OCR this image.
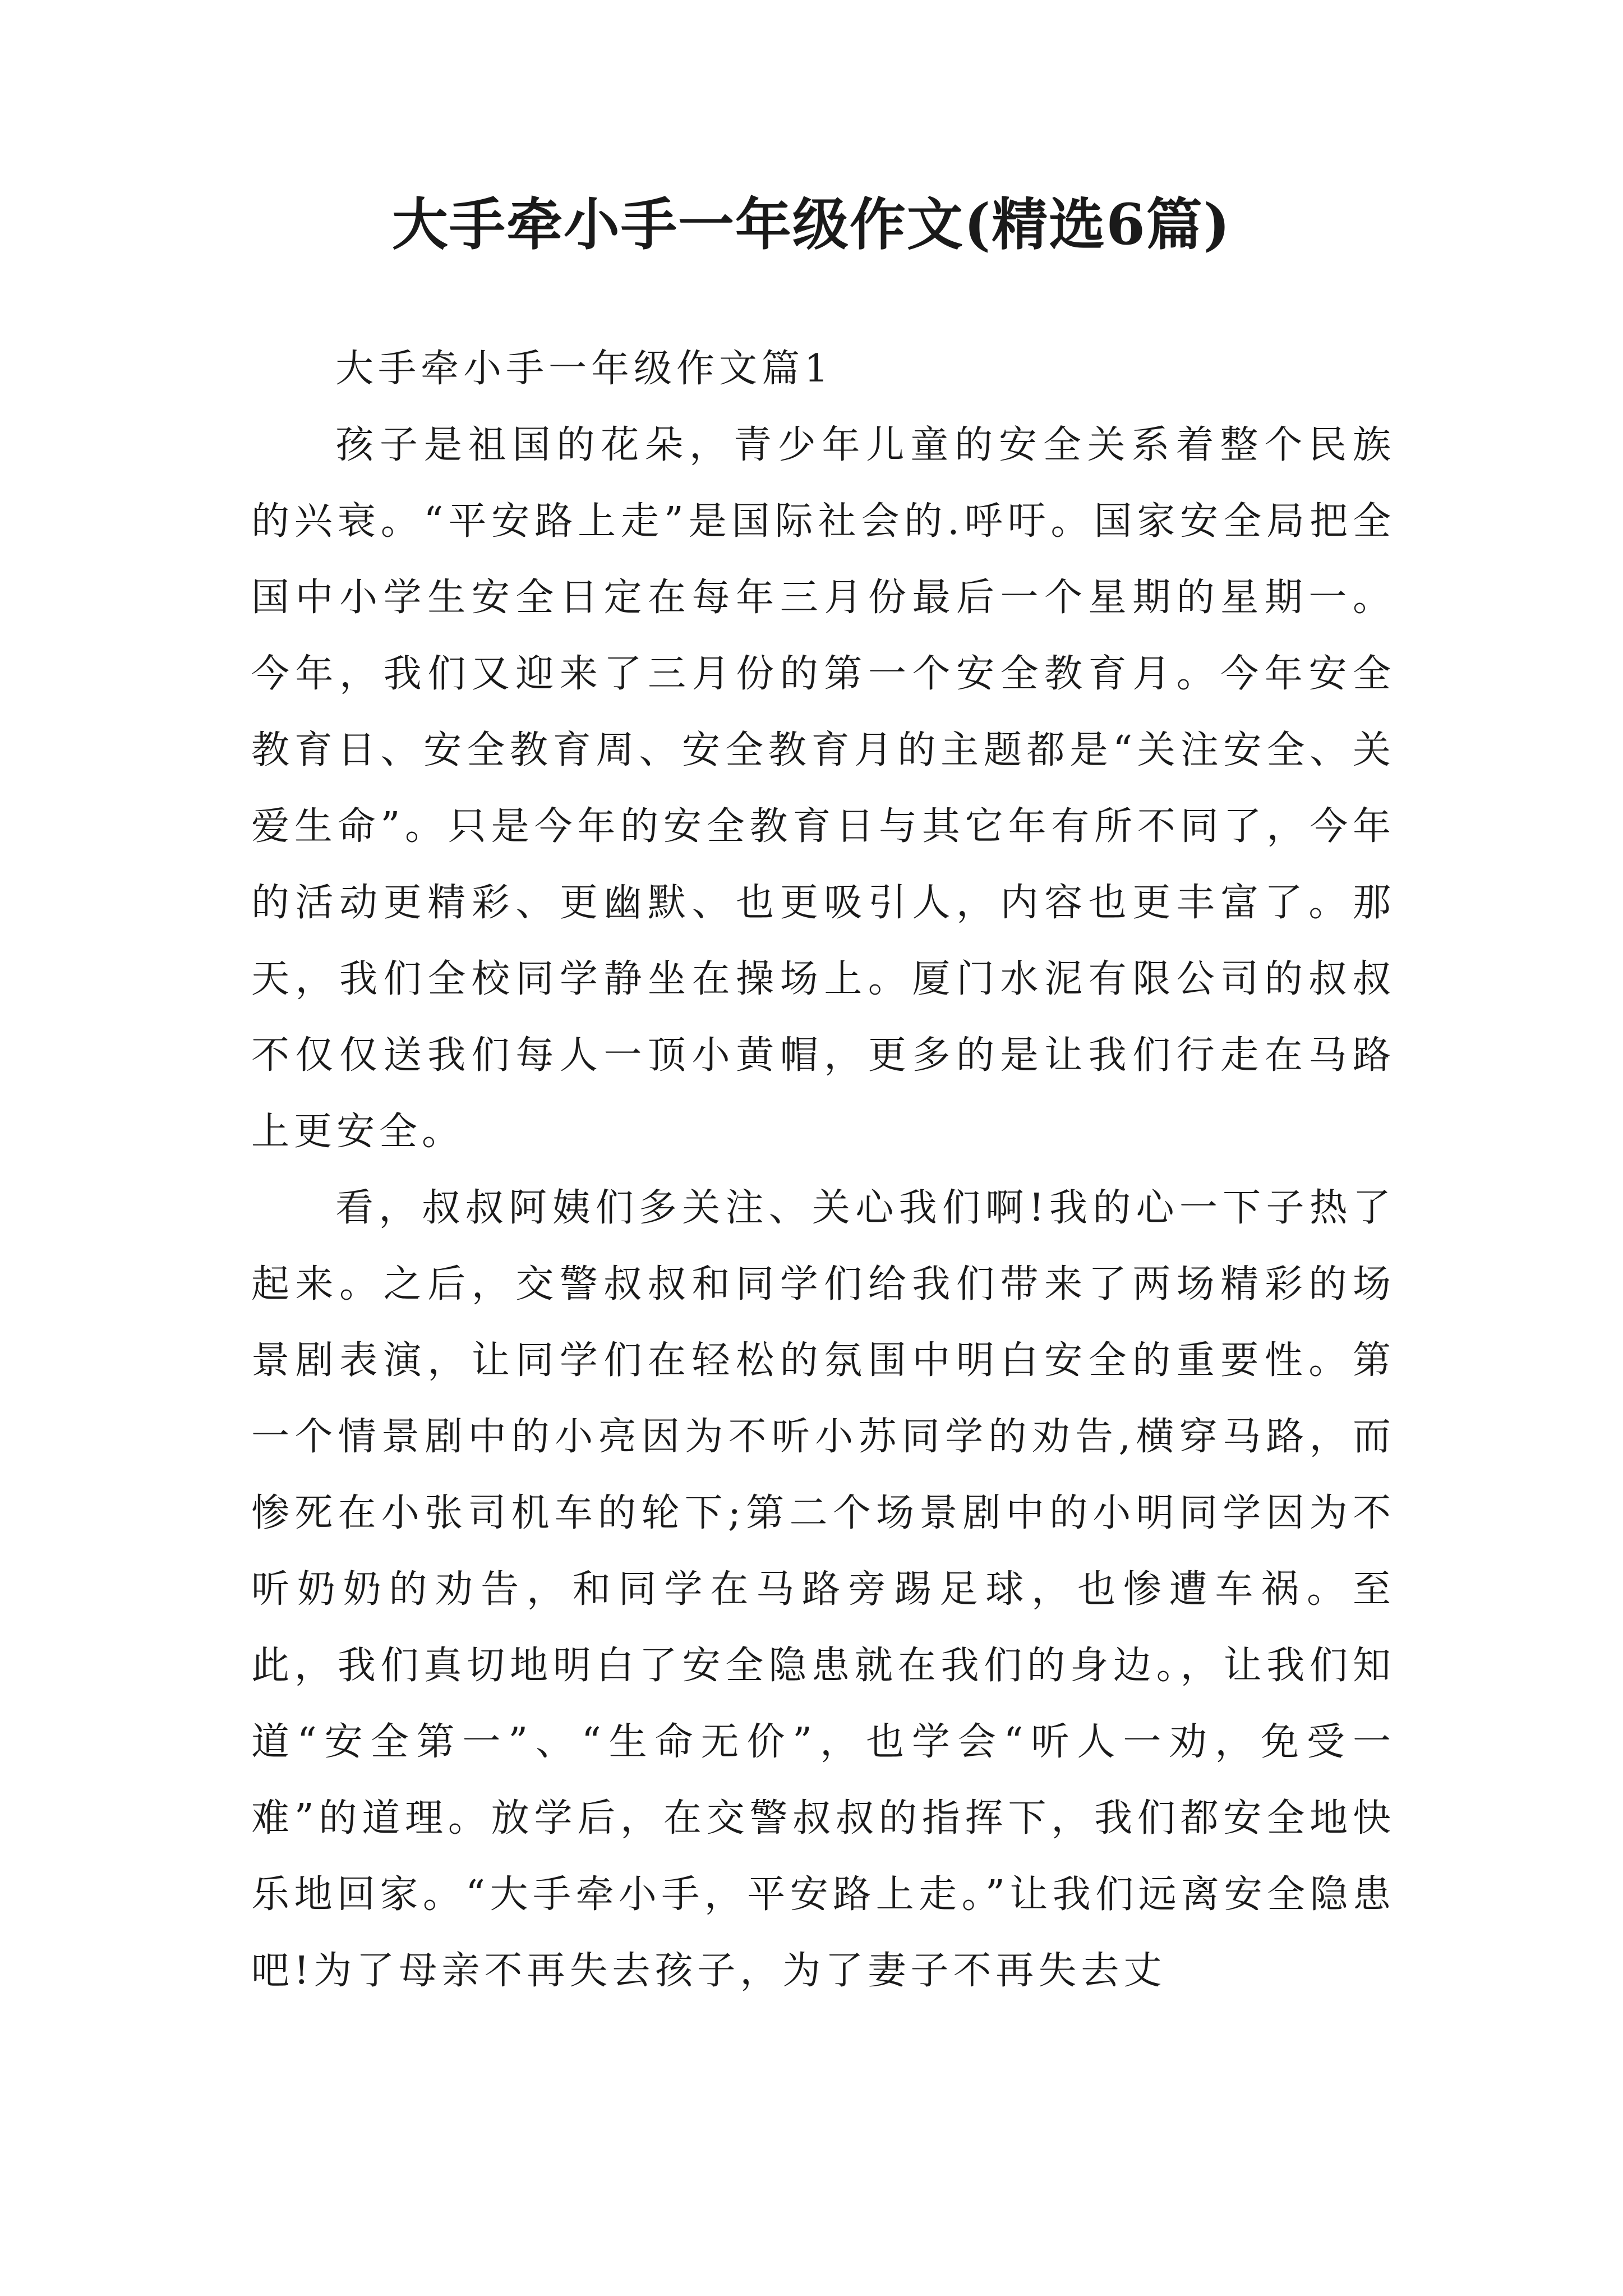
大手牵小手一年级作文(精选6篇)

大手牵小手一年级作文篇1

孩子是祖国的花朵，青少年儿童的安全关系着整个民族的兴衰。“平安路上走”是国际社会的.呼吁。国家安全局把全国中小学生安全日定在每年三月份最后一个星期的星期一。今年，我们又迎来了三月份的第一个安全教育月。今年安全教育日、安全教育周、安全教育月的主题都是“关注安全、关爱生命”。只是今年的安全教育日与其它年有所不同了，今年的活动更精彩、更幽默、也更吸引人，内容也更丰富了。那天，我们全校同学静坐在操场上。厦门水泥有限公司的叔叔不仅仅送我们每人一顶小黄帽，更多的是让我们行走在马路上更安全。

看，叔叔阿姨们多关注、关心我们啊!我的心一下子热了起来。之后，交警叔叔和同学们给我们带来了两场精彩的场景剧表演，让同学们在轻松的氛围中明白安全的重要性。第一个情景剧中的小亮因为不听小苏同学的劝告,横穿马路，而惨死在小张司机车的轮下;第二个场景剧中的小明同学因为不听奶奶的劝告，和同学在马路旁踢足球，也惨遭车祸。至此，我们真切地明白了安全隐患就在我们的身边。，让我们知道“安全第一”、“生命无价”，也学会“听人一劝，免受一难”的道理。放学后，在交警叔叔的指挥下，我们都安全地快乐地回家。“大手牵小手，平安路上走。”让我们远离安全隐患吧!为了母亲不再失去孩子，为了妻子不再失去丈
